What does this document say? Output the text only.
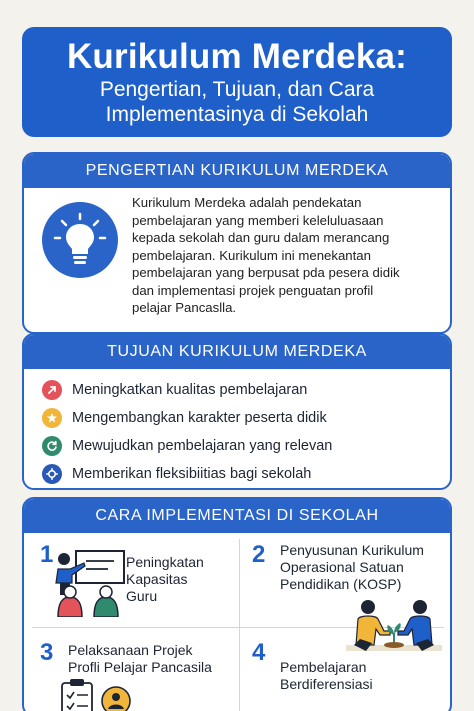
Kurikulum Merdeka:
Pengertian, Tujuan, dan Cara
Implementasinya di Sekolah
PENGERTIAN KURIKULUM MERDEKA
Kurikulum Merdeka adalah pendekatan
pembelajaran yang memberi keleluluasaan
kepada sekolah dan guru dalam merancang
pembelajaran. Kurikulum ini menekantan
pembelajaran yang berpusat pda pesera didik
dan implementasi projek penguatan profil
pelajar Pancaslla.
TUJUAN KURIKULUM MERDEKA
Meningkatkan kualitas pembelajaran
Mengembangkan karakter peserta didik
Mewujudkan pembelajaran yang relevan
Memberikan fleksibiitias bagi sekolah
CARA IMPLEMENTASI DI SEKOLAH
1	Peningkatan
Kapasitas
Guru
2 Penyusunan Kurikulum
Operasional Satuan
Pendidikan (KOSP)
3 Pelaksanaan Projek
Profli Pelajar Pancasila
4
Pembelajaran
Berdiferensiasi
